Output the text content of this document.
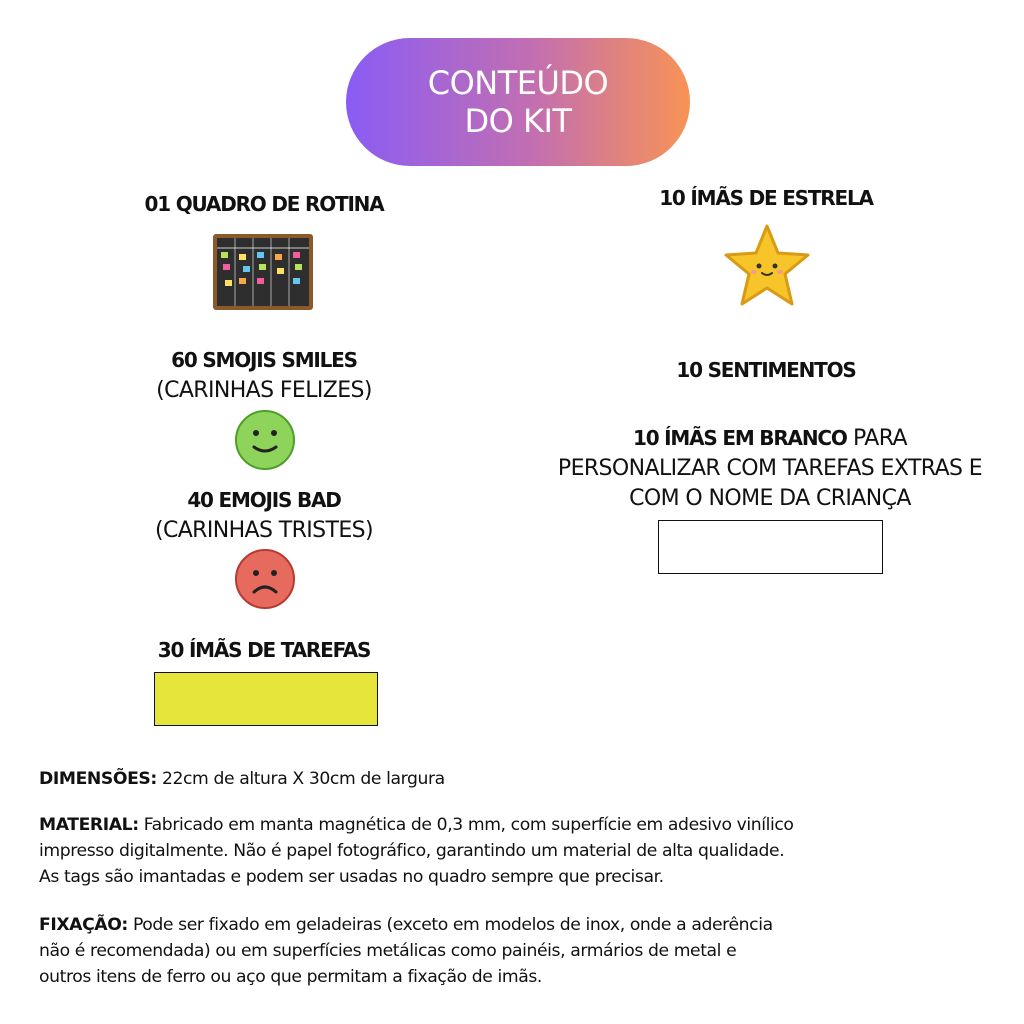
CONTEÚDO
DO KIT
01 QUADRO DE ROTINA
60 SMOJIS SMILES
(CARINHAS FELIZES)
40 EMOJIS BAD
(CARINHAS TRISTES)
30 ÍMÃS DE TAREFAS
10 ÍMÃS DE ESTRELA
10 SENTIMENTOS
10 ÍMÃS EM BRANCO PARA
PERSONALIZAR COM TAREFAS EXTRAS E
COM O NOME DA CRIANÇA
DIMENSÕES: 22cm de altura X 30cm de largura
MATERIAL: Fabricado em manta magnética de 0,3 mm, com superfície em adesivo vinílico
impresso digitalmente. Não é papel fotográfico, garantindo um material de alta qualidade.
As tags são imantadas e podem ser usadas no quadro sempre que precisar.
FIXAÇÃO: Pode ser fixado em geladeiras (exceto em modelos de inox, onde a aderência
não é recomendada) ou em superfícies metálicas como painéis, armários de metal e
outros itens de ferro ou aço que permitam a fixação de imãs.
